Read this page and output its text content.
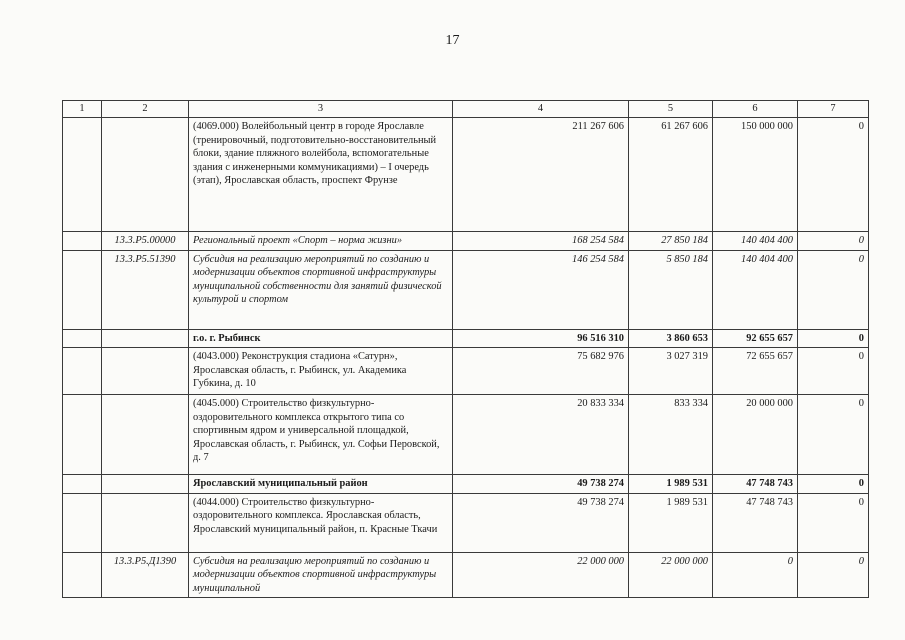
17
1	2	3	4	5	6	7
		(4069.000) Волейбольный центр в городе Ярославле (тренировочный, подготовительно-восстановительный блоки, здание пляжного волейбола, вспомогательные здания с инженерными коммуникациями) – I очередь (этап), Ярославская область, проспект Фрунзе	211 267 606	61 267 606	150 000 000	0
	13.3.Р5.00000	Региональный проект «Спорт – норма жизни»	168 254 584	27 850 184	140 404 400	0
	13.3.Р5.51390	Субсидия на реализацию мероприятий по созданию и модернизации объектов спортивной инфраструктуры муниципальной собственности для занятий физической культурой и спортом	146 254 584	5 850 184	140 404 400	0
		г.о. г. Рыбинск	96 516 310	3 860 653	92 655 657	0
		(4043.000) Реконструкция стадиона «Сатурн», Ярославская область, г. Рыбинск, ул. Академика Губкина, д. 10	75 682 976	3 027 319	72 655 657	0
		(4045.000) Строительство физкультурно-оздоровительного комплекса открытого типа со спортивным ядром и универсальной площадкой, Ярославская область, г. Рыбинск, ул. Софьи Перовской, д. 7	20 833 334	833 334	20 000 000	0
		Ярославский муниципальный район	49 738 274	1 989 531	47 748 743	0
		(4044.000) Строительство физкультурно-оздоровительного комплекса. Ярославская область, Ярославский муниципальный район, п. Красные Ткачи	49 738 274	1 989 531	47 748 743	0
	13.3.Р5.Д1390	Субсидия на реализацию мероприятий по созданию и модернизации объектов спортивной инфраструктуры муниципальной	22 000 000	22 000 000	0	0
